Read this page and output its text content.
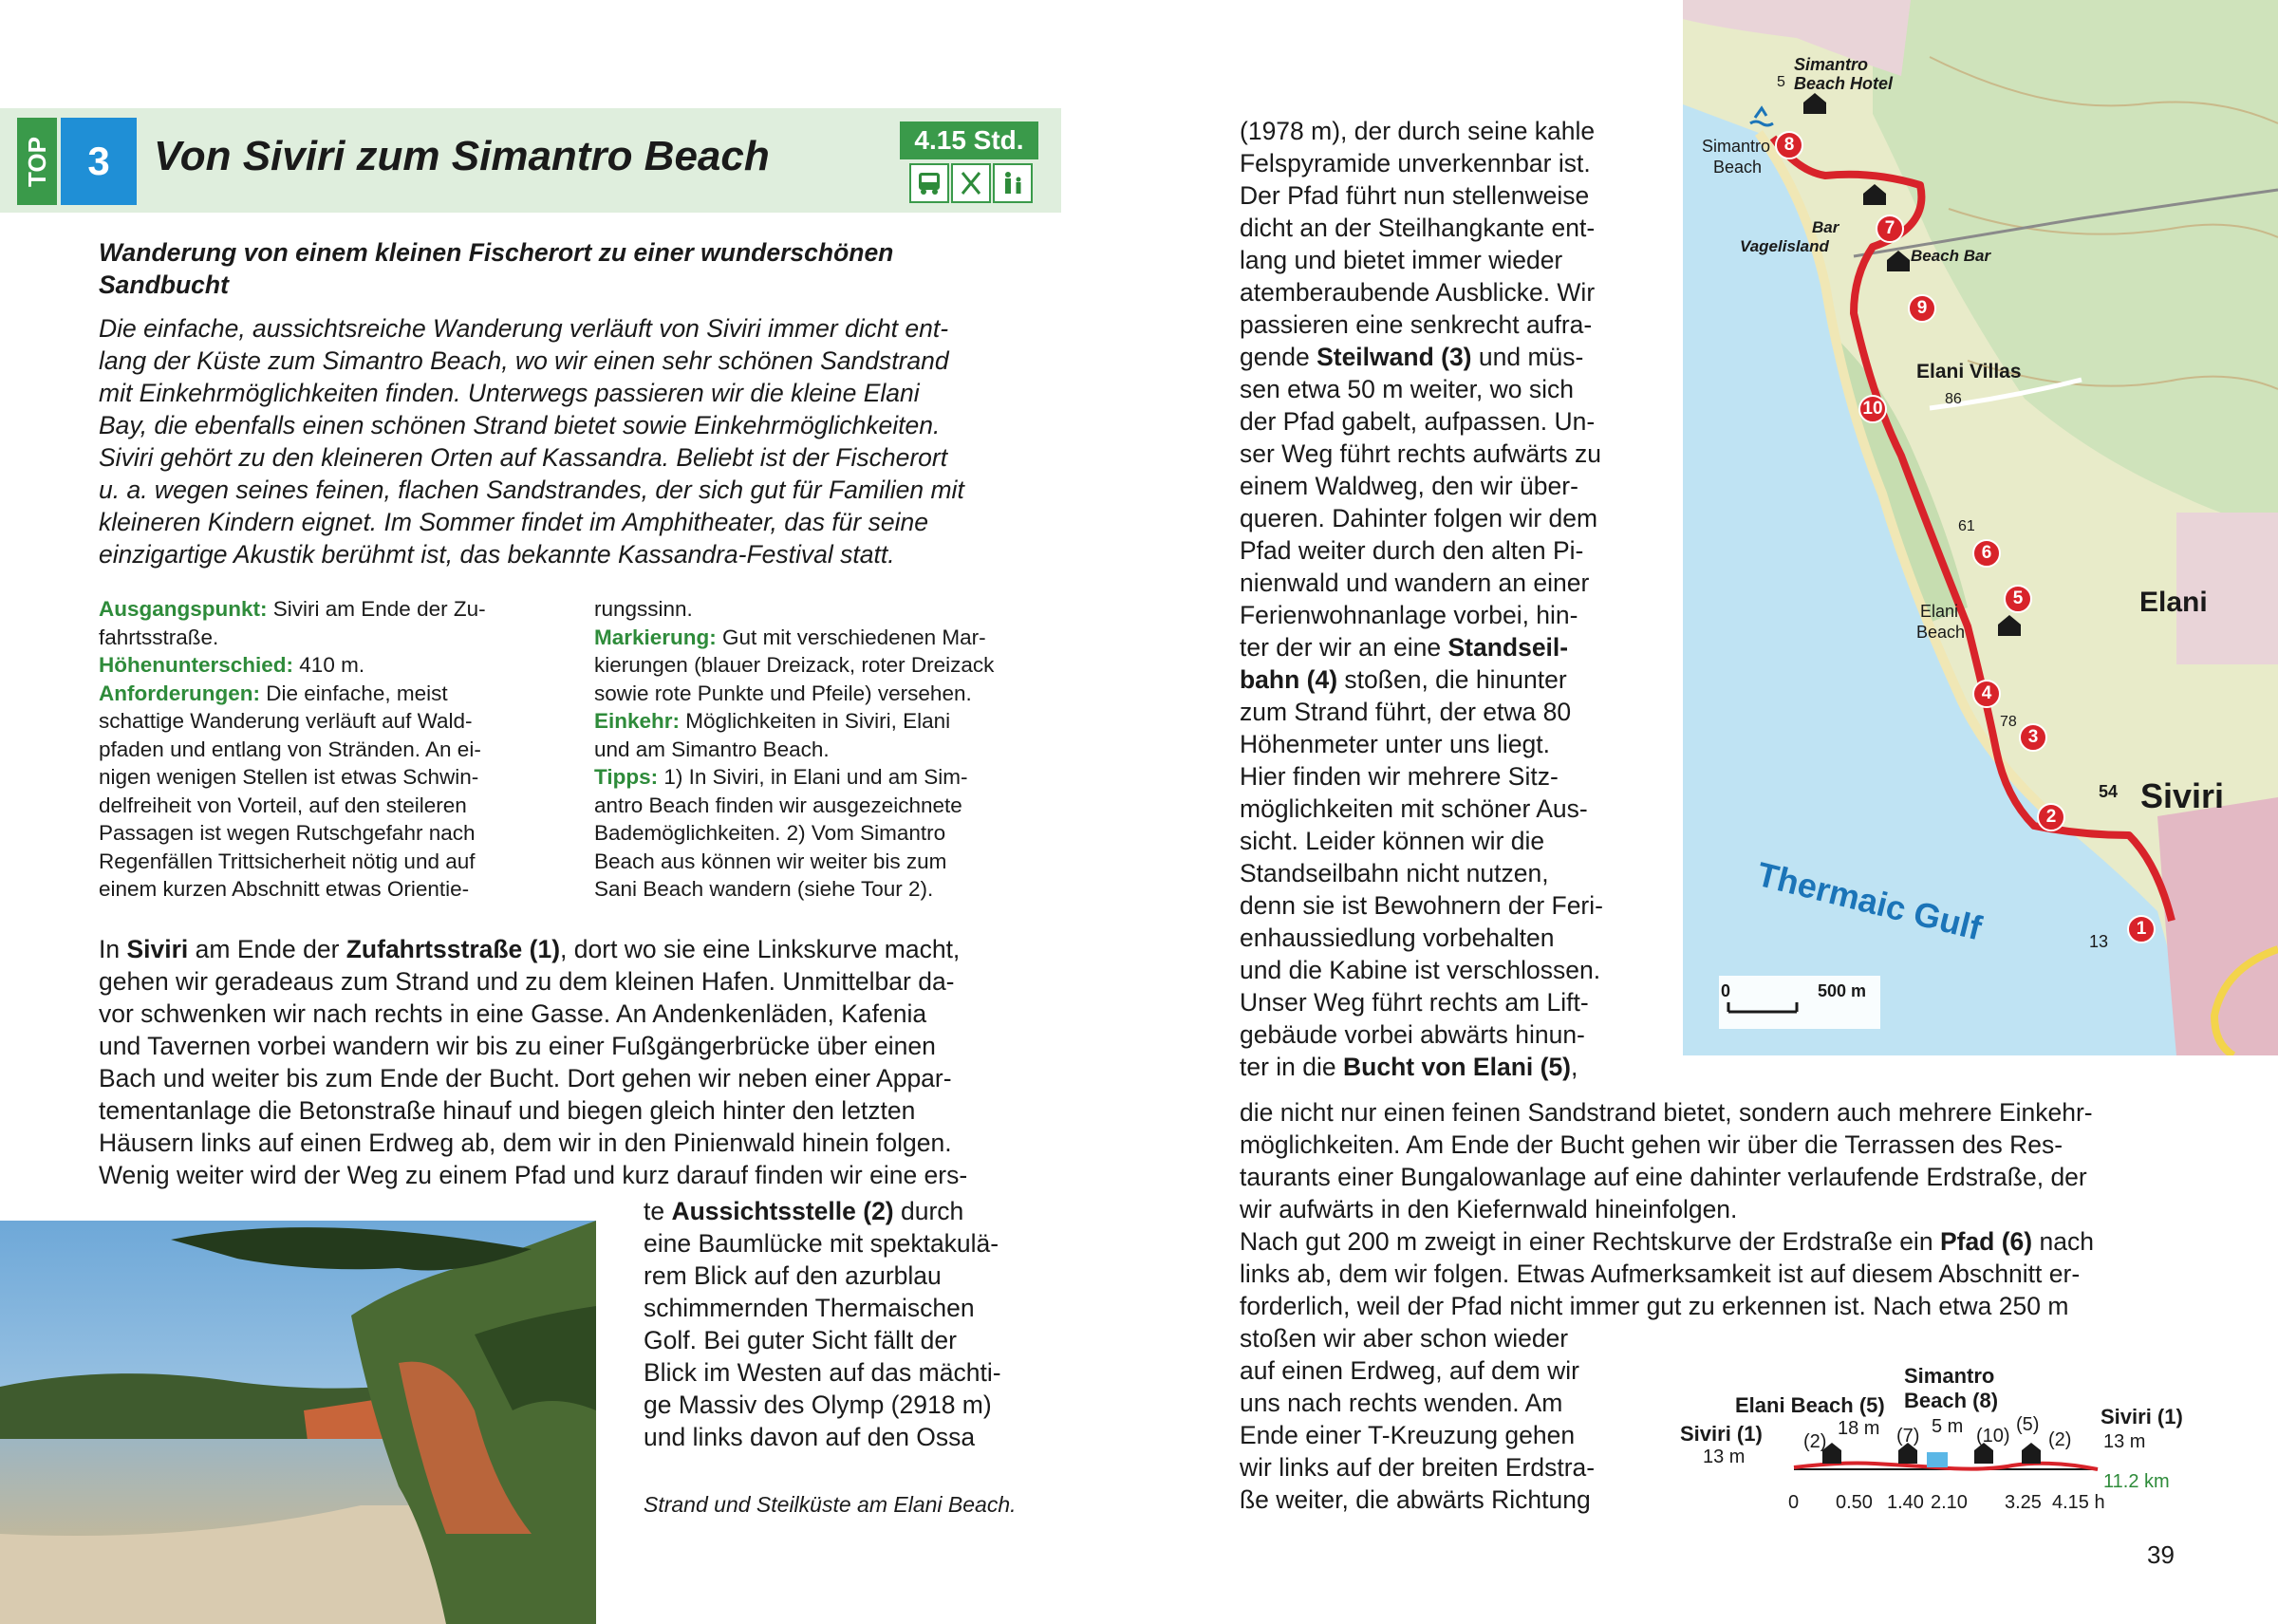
TOP 3	Von Siviri zum Simantro Beach	4.15 Std.
Wanderung von einem kleinen Fischerort zu einer wunderschönen Sandbucht
Die einfache, aussichtsreiche Wanderung verläuft von Siviri immer dicht ent-
lang der Küste zum Simantro Beach, wo wir einen sehr schönen Sandstrand
mit Einkehrmöglichkeiten finden. Unterwegs passieren wir die kleine Elani
Bay, die ebenfalls einen schönen Strand bietet sowie Einkehrmöglichkeiten.
Siviri gehört zu den kleineren Orten auf Kassandra. Beliebt ist der Fischerort
u. a. wegen seines feinen, flachen Sandstrandes, der sich gut für Familien mit
kleineren Kindern eignet. Im Sommer findet im Amphitheater, das für seine
einzigartige Akustik berühmt ist, das bekannte Kassandra-Festival statt.
Ausgangspunkt: Siviri am Ende der Zu-
fahrtsstraße.
Höhenunterschied: 410 m.
Anforderungen: Die einfache, meist
schattige Wanderung verläuft auf Wald-
pfaden und entlang von Stränden. An ei-
nigen wenigen Stellen ist etwas Schwin-
delfreiheit von Vorteil, auf den steileren
Passagen ist wegen Rutschgefahr nach
Regenfällen Trittsicherheit nötig und auf
einem kurzen Abschnitt etwas Orientie-
rungssinn.
Markierung: Gut mit verschiedenen Mar-
kierungen (blauer Dreizack, roter Dreizack
sowie rote Punkte und Pfeile) versehen.
Einkehr: Möglichkeiten in Siviri, Elani
und am Simantro Beach.
Tipps: 1) In Siviri, in Elani und am Sim-
antro Beach finden wir ausgezeichnete
Bademöglichkeiten. 2) Vom Simantro
Beach aus können wir weiter bis zum
Sani Beach wandern (siehe Tour 2).
In Siviri am Ende der Zufahrtsstraße (1), dort wo sie eine Linkskurve macht,
gehen wir geradeaus zum Strand und zu dem kleinen Hafen. Unmittelbar da-
vor schwenken wir nach rechts in eine Gasse. An Andenkenläden, Kafenia
und Tavernen vorbei wandern wir bis zu einer Fußgängerbrücke über einen
Bach und weiter bis zum Ende der Bucht. Dort gehen wir neben einer Appar-
tementanlage die Betonstraße hinauf und biegen gleich hinter den letzten
Häusern links auf einen Erdweg ab, dem wir in den Pinienwald hinein folgen.
Wenig weiter wird der Weg zu einem Pfad und kurz darauf finden wir eine ers-
te Aussichtsstelle (2) durch
eine Baumlücke mit spektakulä-
rem Blick auf den azurblau
schimmernden Thermaischen
Golf. Bei guter Sicht fällt der
Blick im Westen auf das mächti-
ge Massiv des Olymp (2918 m)
und links davon auf den Ossa
Strand und Steilküste am Elani Beach.
(1978 m), der durch seine kahle
Felspyramide unverkennbar ist.
Der Pfad führt nun stellenweise
dicht an der Steilhangkante ent-
lang und bietet immer wieder
atemberaubende Ausblicke. Wir
passieren eine senkrecht aufra-
gende Steilwand (3) und müs-
sen etwa 50 m weiter, wo sich
der Pfad gabelt, aufpassen. Un-
ser Weg führt rechts aufwärts zu
einem Waldweg, den wir über-
queren. Dahinter folgen wir dem
Pfad weiter durch den alten Pi-
nienwald und wandern an einer
Ferienwohnanlage vorbei, hin-
ter der wir an eine Standseil-
bahn (4) stoßen, die hinunter
zum Strand führt, der etwa 80
Höhenmeter unter uns liegt.
Hier finden wir mehrere Sitz-
möglichkeiten mit schöner Aus-
sicht. Leider können wir die
Standseilbahn nicht nutzen,
denn sie ist Bewohnern der Feri-
enhaussiedlung vorbehalten
und die Kabine ist verschlossen.
Unser Weg führt rechts am Lift-
gebäude vorbei abwärts hinun-
ter in die Bucht von Elani (5),
die nicht nur einen feinen Sandstrand bietet, sondern auch mehrere Einkehr-
möglichkeiten. Am Ende der Bucht gehen wir über die Terrassen des Res-
taurants einer Bungalowanlage auf eine dahinter verlaufende Erdstraße, der
wir aufwärts in den Kiefernwald hineinfolgen.
Nach gut 200 m zweigt in einer Rechtskurve der Erdstraße ein Pfad (6) nach
links ab, dem wir folgen. Etwas Aufmerksamkeit ist auf diesem Abschnitt er-
forderlich, weil der Pfad nicht immer gut zu erkennen ist. Nach etwa 250 m
stoßen wir aber schon wieder
auf einen Erdweg, auf dem wir
uns nach rechts wenden. Am
Ende einer T-Kreuzung gehen
wir links auf der breiten Erdstra-
ße weiter, die abwärts Richtung
Simantro
Beach Hotel
5
Simantro
Beach
Bar
Vagelisland
Beach Bar
Elani Villas
86
61
Elani
Beach
Elani
78
54 Siviri
Thermaic Gulf	13
0	500 m
8
7
9
10
6
5
4
3
2
1
Elani Beach (5)
Simantro
Beach (8)
Siviri (1)
Siviri (1)
13 m
18 m	5 m
13 m
(2)	(7)	(10)
(5)
(2)
11.2 km
0 0.50 1.40 2.10 3.25 4.15 h
39
